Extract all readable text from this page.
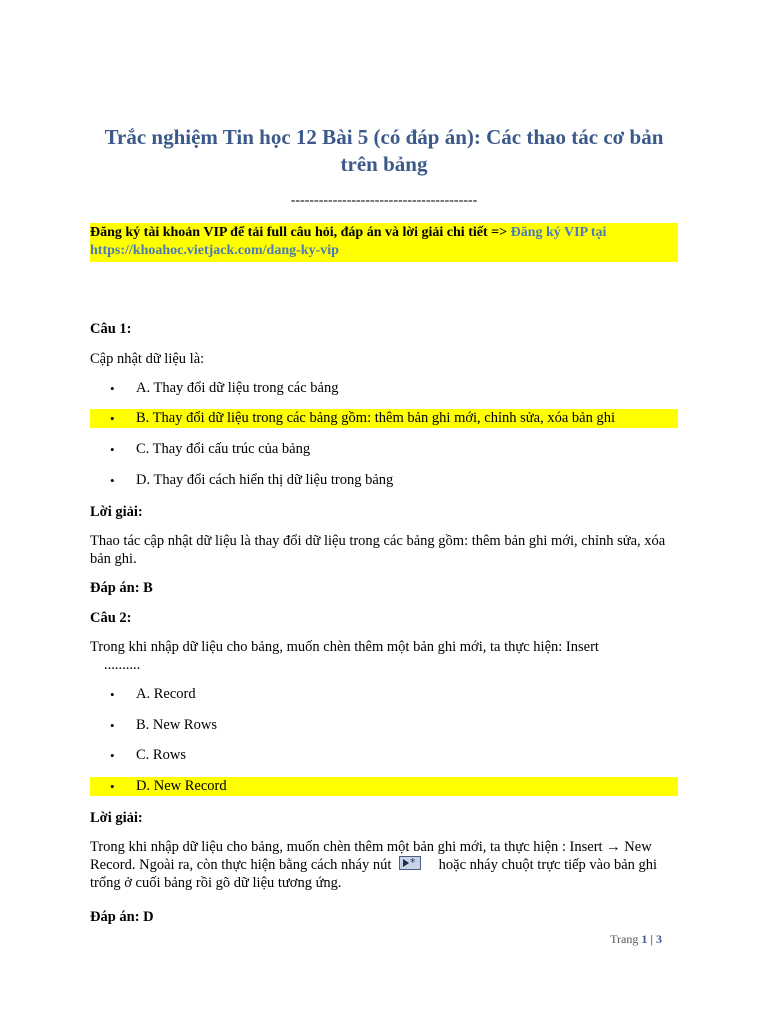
Trắc nghiệm Tin học 12 Bài 5 (có đáp án): Các thao tác cơ bản trên bảng
----------------------------------------
Đăng ký tài khoản VIP để tải full câu hỏi, đáp án và lời giải chi tiết => Đăng ký VIP tại
https://khoahoc.vietjack.com/dang-ky-vip
Câu 1:
Cập nhật dữ liệu là:
• A. Thay đổi dữ liệu trong các bảng
• B. Thay đổi dữ liệu trong các bảng gồm: thêm bản ghi mới, chỉnh sửa, xóa bản ghi
• C. Thay đổi cấu trúc của bảng
• D. Thay đổi cách hiển thị dữ liệu trong bảng
Lời giải:
Thao tác cập nhật dữ liệu là thay đổi dữ liệu trong các bảng gồm: thêm bản ghi mới, chỉnh sửa, xóa bản ghi.
Đáp án: B
Câu 2:
Trong khi nhập dữ liệu cho bảng, muốn chèn thêm một bản ghi mới, ta thực hiện: Insert
..........
• A. Record
• B. New Rows
• C. Rows
• D. New Record
Lời giải:
Trong khi nhập dữ liệu cho bảng, muốn chèn thêm một bản ghi mới, ta thực hiện : Insert → New Record. Ngoài ra, còn thực hiện bằng cách nháy nút * hoặc nháy chuột trực tiếp vào bản ghi trống ở cuối bảng rồi gõ dữ liệu tương ứng.
Đáp án: D
Trang 1 | 3
